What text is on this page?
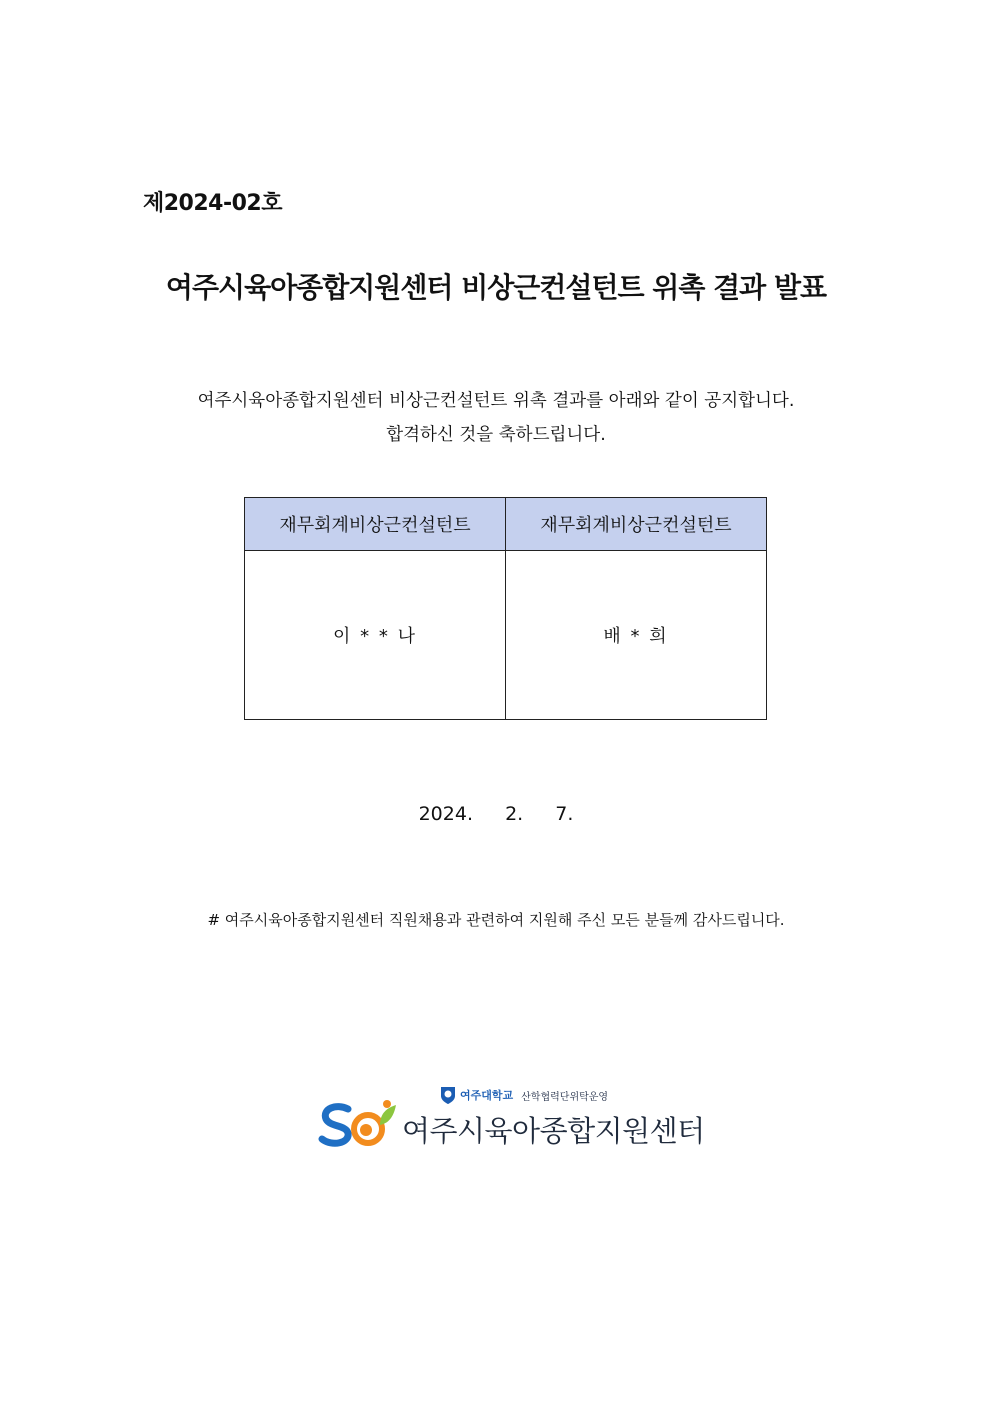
제2024-02호
여주시육아종합지원센터 비상근컨설턴트 위촉 결과 발표
여주시육아종합지원센터 비상근컨설턴트 위촉 결과를 아래와 같이 공지합니다.
합격하신 것을 축하드립니다.
재무회계비상근컨설턴트	재무회계비상근컨설턴트
이 * * 나	배 * 희
2024.  2.  7.
# 여주시육아종합지원센터 직원채용과 관련하여 지원해 주신 모든 분들께 감사드립니다.
여주대학교 산학협력단위탁운영
여주시육아종합지원센터
